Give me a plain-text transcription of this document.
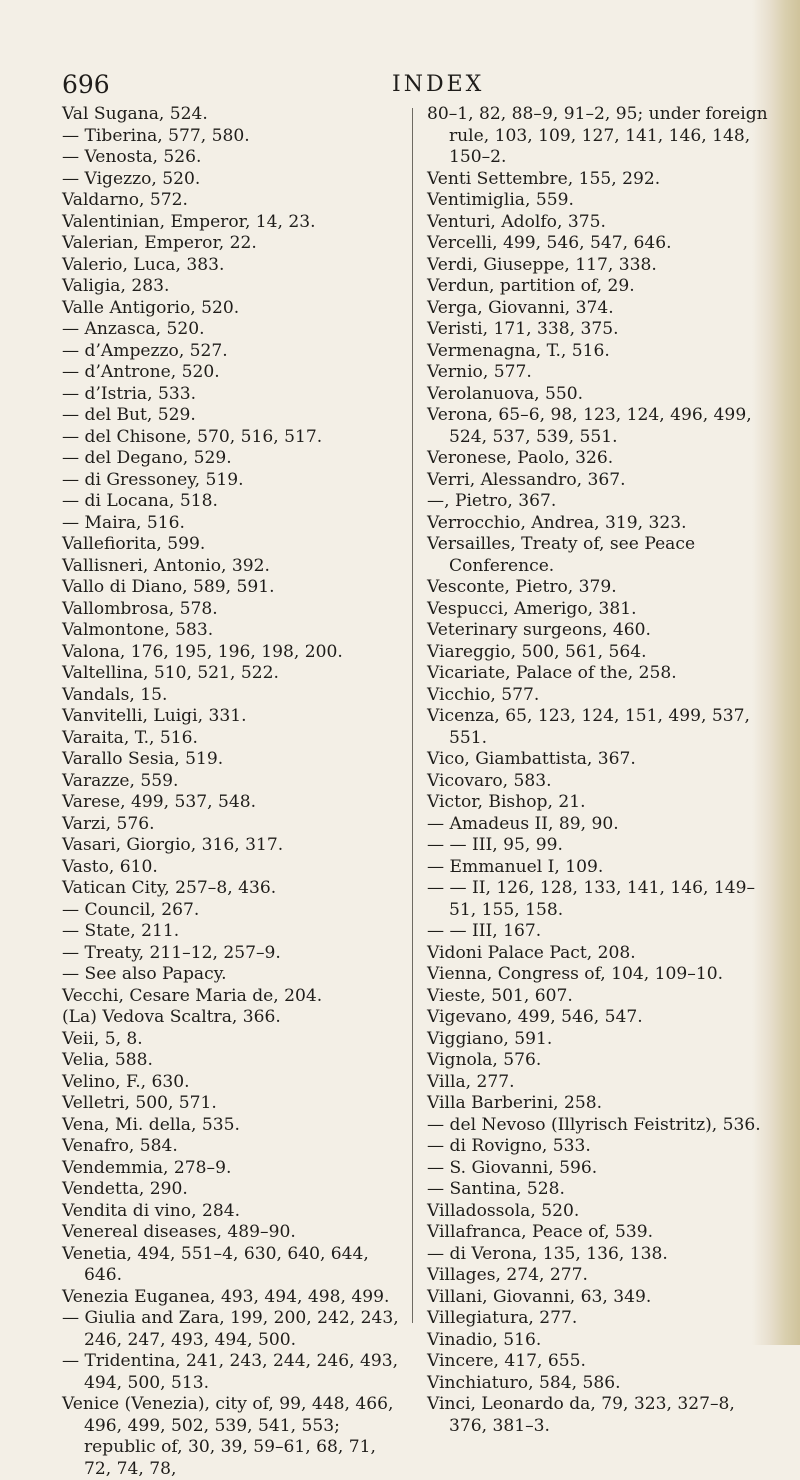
696	INDEX
Val Sugana, 524.
— Tiberina, 577, 580.
— Venosta, 526.
— Vigezzo, 520.
Valdarno, 572.
Valentinian, Emperor, 14, 23.
Valerian, Emperor, 22.
Valerio, Luca, 383.
Valigia, 283.
Valle Antigorio, 520.
— Anzasca, 520.
— d’Ampezzo, 527.
— d’Antrone, 520.
— d’Istria, 533.
— del But, 529.
— del Chisone, 570, 516, 517.
— del Degano, 529.
— di Gressoney, 519.
— di Locana, 518.
— Maira, 516.
Vallefiorita, 599.
Vallisneri, Antonio, 392.
Vallo di Diano, 589, 591.
Vallombrosa, 578.
Valmontone, 583.
Valona, 176, 195, 196, 198, 200.
Valtellina, 510, 521, 522.
Vandals, 15.
Vanvitelli, Luigi, 331.
Varaita, T., 516.
Varallo Sesia, 519.
Varazze, 559.
Varese, 499, 537, 548.
Varzi, 576.
Vasari, Giorgio, 316, 317.
Vasto, 610.
Vatican City, 257–8, 436.
— Council, 267.
— State, 211.
— Treaty, 211–12, 257–9.
— See also Papacy.
Vecchi, Cesare Maria de, 204.
(La) Vedova Scaltra, 366.
Veii, 5, 8.
Velia, 588.
Velino, F., 630.
Velletri, 500, 571.
Vena, Mi. della, 535.
Venafro, 584.
Vendemmia, 278–9.
Vendetta, 290.
Vendita di vino, 284.
Venereal diseases, 489–90.
Venetia, 494, 551–4, 630, 640, 644, 646.
Venezia Euganea, 493, 494, 498, 499.
— Giulia and Zara, 199, 200, 242, 243, 246, 247, 493, 494, 500.
— Tridentina, 241, 243, 244, 246, 493, 494, 500, 513.
Venice (Venezia), city of, 99, 448, 466, 496, 499, 502, 539, 541, 553; republic of, 30, 39, 59–61, 68, 71, 72, 74, 78,
80–1, 82, 88–9, 91–2, 95; under foreign rule, 103, 109, 127, 141, 146, 148, 150–2.
Venti Settembre, 155, 292.
Ventimiglia, 559.
Venturi, Adolfo, 375.
Vercelli, 499, 546, 547, 646.
Verdi, Giuseppe, 117, 338.
Verdun, partition of, 29.
Verga, Giovanni, 374.
Veristi, 171, 338, 375.
Vermenagna, T., 516.
Vernio, 577.
Verolanuova, 550.
Verona, 65–6, 98, 123, 124, 496, 499, 524, 537, 539, 551.
Veronese, Paolo, 326.
Verri, Alessandro, 367.
—, Pietro, 367.
Verrocchio, Andrea, 319, 323.
Versailles, Treaty of, see Peace Conference.
Vesconte, Pietro, 379.
Vespucci, Amerigo, 381.
Veterinary surgeons, 460.
Viareggio, 500, 561, 564.
Vicariate, Palace of the, 258.
Vicchio, 577.
Vicenza, 65, 123, 124, 151, 499, 537, 551.
Vico, Giambattista, 367.
Vicovaro, 583.
Victor, Bishop, 21.
— Amadeus II, 89, 90.
— — III, 95, 99.
— Emmanuel I, 109.
— — II, 126, 128, 133, 141, 146, 149–51, 155, 158.
— — III, 167.
Vidoni Palace Pact, 208.
Vienna, Congress of, 104, 109–10.
Vieste, 501, 607.
Vigevano, 499, 546, 547.
Viggiano, 591.
Vignola, 576.
Villa, 277.
Villa Barberini, 258.
— del Nevoso (Illyrisch Feistritz), 536.
— di Rovigno, 533.
— S. Giovanni, 596.
— Santina, 528.
Villadossola, 520.
Villafranca, Peace of, 539.
— di Verona, 135, 136, 138.
Villages, 274, 277.
Villani, Giovanni, 63, 349.
Villegiatura, 277.
Vinadio, 516.
Vincere, 417, 655.
Vinchiaturo, 584, 586.
Vinci, Leonardo da, 79, 323, 327–8, 376, 381–3.
